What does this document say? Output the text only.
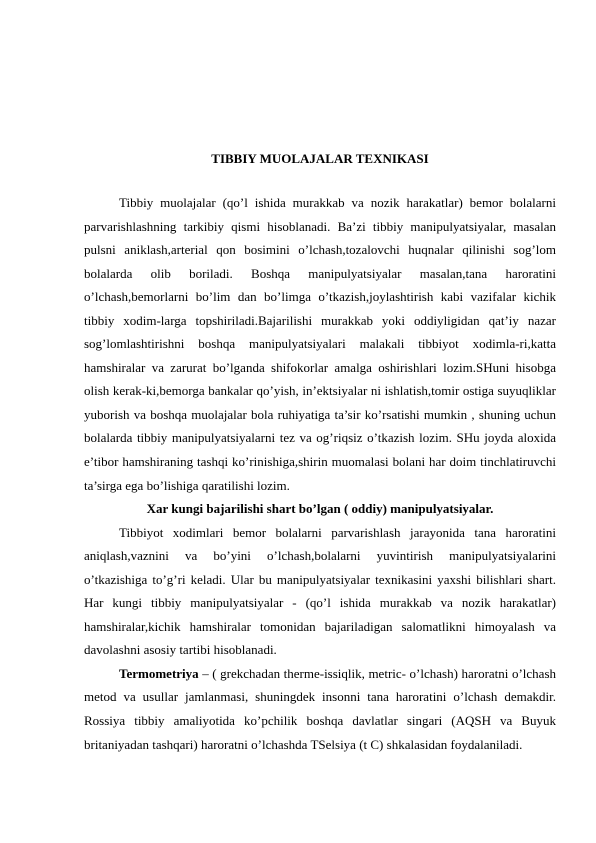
TIBBIY MUOLAJALAR TEXNIKASI

Tibbiy muolajalar (qo’l ishida murakkab va nozik harakatlar) bemor bolalarni parvarishlashning tarkibiy qismi hisoblanadi. Ba’zi tibbiy manipulyatsiyalar, masalan pulsni aniklash,arterial qon bosimini o’lchash,tozalovchi huqnalar qilinishi sog’lom bolalarda olib boriladi. Boshqa manipulyatsiyalar masalan,tana haroratini o’lchash,bemorlarni bo’lim dan bo’limga o’tkazish,joylashtirish kabi vazifalar kichik tibbiy xodim-larga topshiriladi.Bajarilishi murakkab yoki oddiyligidan qat’iy nazar sog’lomlashtirishni boshqa manipulyatsiyalari malakali tibbiyot xodimla-ri,katta hamshiralar va zarurat bo’lganda shifokorlar amalga oshirishlari lozim.SHuni hisobga olish kerak-ki,bemorga bankalar qo’yish, in’ektsiyalar ni ishlatish,tomir ostiga suyuqliklar yuborish va boshqa muolajalar bola ruhiyatiga ta’sir ko’rsatishi mumkin , shuning uchun bolalarda tibbiy manipulyatsiyalarni tez va og’riqsiz o’tkazish lozim. SHu joyda aloxida e’tibor hamshiraning tashqi ko’rinishiga,shirin muomalasi bolani har doim tinchlatiruvchi ta’sirga ega bo’lishiga qaratilishi lozim.

Xar kungi bajarilishi shart bo’lgan ( oddiy) manipulyatsiyalar.

Tibbiyot xodimlari bemor bolalarni parvarishlash jarayonida tana haroratini aniqlash,vaznini va bo’yini o’lchash,bolalarni yuvintirish manipulyatsiyalarini o’tkazishiga to’g’ri keladi. Ular bu manipulyatsiyalar texnikasini yaxshi bilishlari shart. Har kungi tibbiy manipulyatsiyalar - (qo’l ishida murakkab va nozik harakatlar) hamshiralar,kichik hamshiralar tomonidan bajariladigan salomatlikni himoyalash va davolashni asosiy tartibi hisoblanadi.

Termometriya – ( grekchadan therme-issiqlik, metric- o’lchash) haroratni o’lchash metod va usullar jamlanmasi, shuningdek insonni tana haroratini o’lchash demakdir. Rossiya tibbiy amaliyotida ko’pchilik boshqa davlatlar singari (AQSH va Buyuk britaniyadan tashqari) haroratni o’lchashda TSelsiya (t C) shkalasidan foydalaniladi.
